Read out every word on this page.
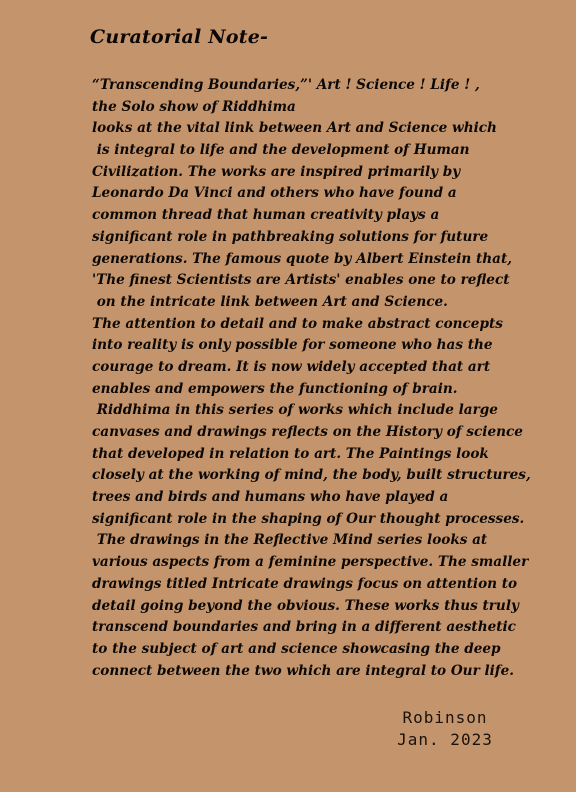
Curatorial Note-
“Transcending Boundaries,”' Art ! Science ! Life ! ,
the Solo show of Riddhima
looks at the vital link between Art and Science which
is integral to life and the development of Human
Civilization. The works are inspired primarily by
Leonardo Da Vinci and others who have found a
common thread that human creativity plays a
significant role in pathbreaking solutions for future
generations. The famous quote by Albert Einstein that,
'The finest Scientists are Artists' enables one to reflect
on the intricate link between Art and Science.
The attention to detail and to make abstract concepts
into reality is only possible for someone who has the
courage to dream. It is now widely accepted that art
enables and empowers the functioning of brain.
Riddhima in this series of works which include large
canvases and drawings reflects on the History of science
that developed in relation to art. The Paintings look
closely at the working of mind, the body, built structures,
trees and birds and humans who have played a
significant role in the shaping of Our thought processes.
The drawings in the Reflective Mind series looks at
various aspects from a feminine perspective. The smaller
drawings titled Intricate drawings focus on attention to
detail going beyond the obvious. These works thus truly
transcend boundaries and bring in a different aesthetic
to the subject of art and science showcasing the deep
connect between the two which are integral to Our life.
Robinson
Jan. 2023
